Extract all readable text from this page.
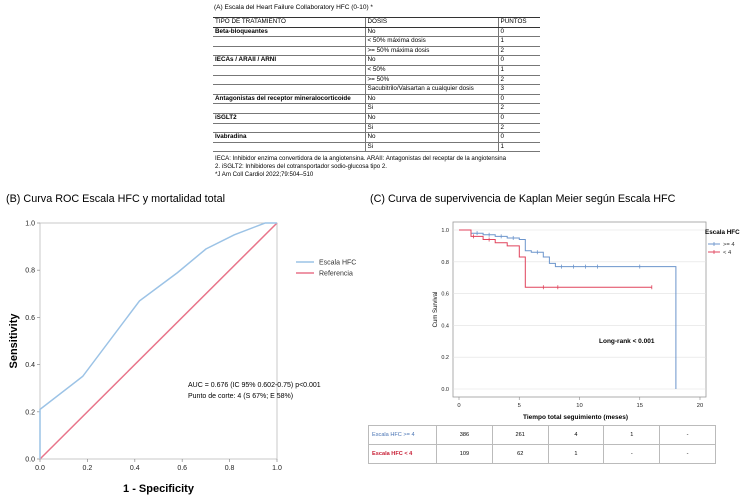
(A) Escala del Heart Failure Collaboratory HFC (0-10) *
TIPO DE TRATAMIENTO	DOSIS	PUNTOS
Beta-bloqueantes	No	0
	< 50% máxima dosis	1
	>= 50% máxima dosis	2
IECAs / ARAII / ARNI	No	0
	< 50%	1
	>= 50%	2
	Sacubitrilo/Valsartan a cualquier dosis	3
Antagonistas del receptor mineralocorticoide	No	0
	Si	2
iSGLT2	No	0
	Si	2
Ivabradina	No	0
	Si	1
IECA: Inhibidor enzima convertidora de la angiotensina. ARAII: Antagonistas del receptar de la angiotensina
2. iSGLT2: Inhibidores del cotransportador sodio-glucosa tipo 2.
*J Am Coll Cardiol 2022;79:504–510
(B) Curva ROC Escala HFC y mortalidad total
0.0	0.2	0.4	0.6	0.8	1.0
0.0
0.2
0.4
0.6
0.8
1.0
1 - Specificity
Sensitivity
Escala HFC
Referencia
AUC = 0.676 (IC 95% 0.602-0.75) p<0.001
Punto de corte: 4 (S 67%; E 58%)
(C) Curva de supervivencia de Kaplan Meier según Escala HFC
0.0
0.2
0.4
0.6
0.8
1.0
0	5	10	15	20
Tiempo total seguimiento (meses)
Cum Survival
Escala HFC
>= 4
< 4
Long-rank < 0.001
Escala HFC >= 4	386	261	4	1	-
Escala HFC < 4	109	62	1	-	-
